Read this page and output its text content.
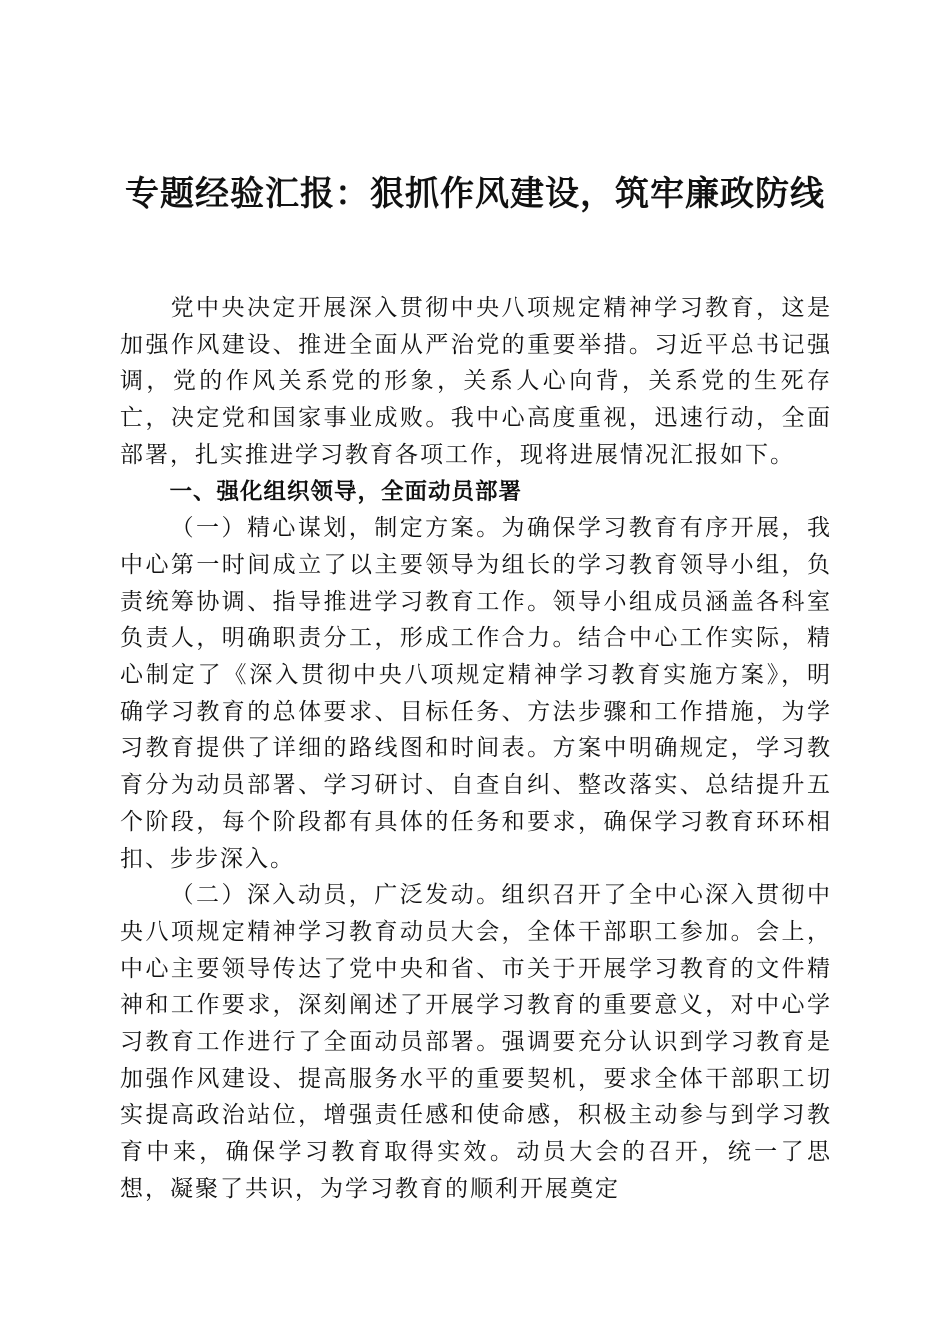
专题经验汇报：狠抓作风建设，筑牢廉政防线

党中央决定开展深入贯彻中央八项规定精神学习教育，这是加强作风建设、推进全面从严治党的重要举措。习近平总书记强调，党的作风关系党的形象，关系人心向背，关系党的生死存亡，决定党和国家事业成败。我中心高度重视，迅速行动，全面部署，扎实推进学习教育各项工作，现将进展情况汇报如下。

一、强化组织领导，全面动员部署

（一）精心谋划，制定方案。为确保学习教育有序开展，我中心第一时间成立了以主要领导为组长的学习教育领导小组，负责统筹协调、指导推进学习教育工作。领导小组成员涵盖各科室负责人，明确职责分工，形成工作合力。结合中心工作实际，精心制定了《深入贯彻中央八项规定精神学习教育实施方案》，明确学习教育的总体要求、目标任务、方法步骤和工作措施，为学习教育提供了详细的路线图和时间表。方案中明确规定，学习教育分为动员部署、学习研讨、自查自纠、整改落实、总结提升五个阶段，每个阶段都有具体的任务和要求，确保学习教育环环相扣、步步深入。

（二）深入动员，广泛发动。组织召开了全中心深入贯彻中央八项规定精神学习教育动员大会，全体干部职工参加。会上，中心主要领导传达了党中央和省、市关于开展学习教育的文件精神和工作要求，深刻阐述了开展学习教育的重要意义，对中心学习教育工作进行了全面动员部署。强调要充分认识到学习教育是加强作风建设、提高服务水平的重要契机，要求全体干部职工切实提高政治站位，增强责任感和使命感，积极主动参与到学习教育中来，确保学习教育取得实效。动员大会的召开，统一了思想，凝聚了共识，为学习教育的顺利开展奠定
